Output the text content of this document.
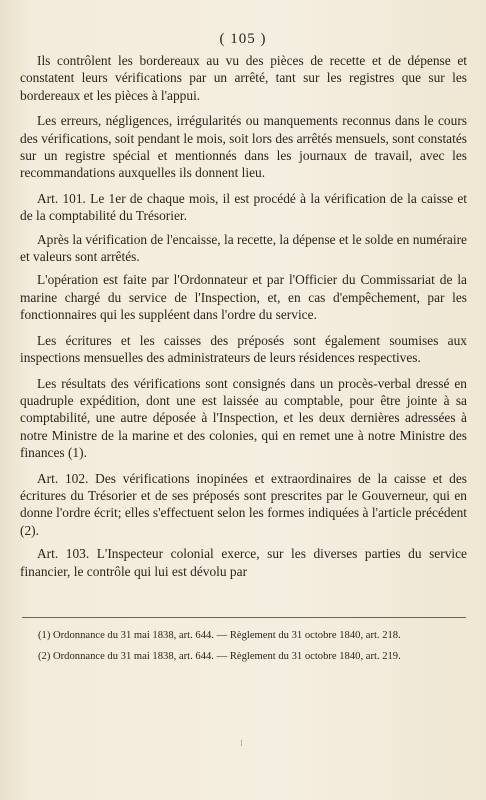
( 105 )

Ils contrôlent les bordereaux au vu des pièces de recette et de dépense et constatent leurs vérifications par un arrêté, tant sur les registres que sur les bordereaux et les pièces à l'appui.

Les erreurs, négligences, irrégularités ou manquements reconnus dans le cours des vérifications, soit pendant le mois, soit lors des arrêtés mensuels, sont constatés sur un registre spécial et mentionnés dans les journaux de travail, avec les recommandations auxquelles ils donnent lieu.

Art. 101. Le 1er de chaque mois, il est procédé à la vérification de la caisse et de la comptabilité du Trésorier.

Après la vérification de l'encaisse, la recette, la dépense et le solde en numéraire et valeurs sont arrêtés.

L'opération est faite par l'Ordonnateur et par l'Officier du Commissariat de la marine chargé du service de l'Inspection, et, en cas d'empêchement, par les fonctionnaires qui les suppléent dans l'ordre du service.

Les écritures et les caisses des préposés sont également soumises aux inspections mensuelles des administrateurs de leurs résidences respectives.

Les résultats des vérifications sont consignés dans un procès-verbal dressé en quadruple expédition, dont une est laissée au comptable, pour être jointe à sa comptabilité, une autre déposée à l'Inspection, et les deux dernières adressées à notre Ministre de la marine et des colonies, qui en remet une à notre Ministre des finances (1).

Art. 102. Des vérifications inopinées et extraordinaires de la caisse et des écritures du Trésorier et de ses préposés sont prescrites par le Gouverneur, qui en donne l'ordre écrit; elles s'effectuent selon les formes indiquées à l'article précédent (2).

Art. 103. L'Inspecteur colonial exerce, sur les diverses parties du service financier, le contrôle qui lui est dévolu par

(1) Ordonnance du 31 mai 1838, art. 644. — Règlement du 31 octobre 1840, art. 218.

(2) Ordonnance du 31 mai 1838, art. 644. — Règlement du 31 octobre 1840, art. 219.

⁝
